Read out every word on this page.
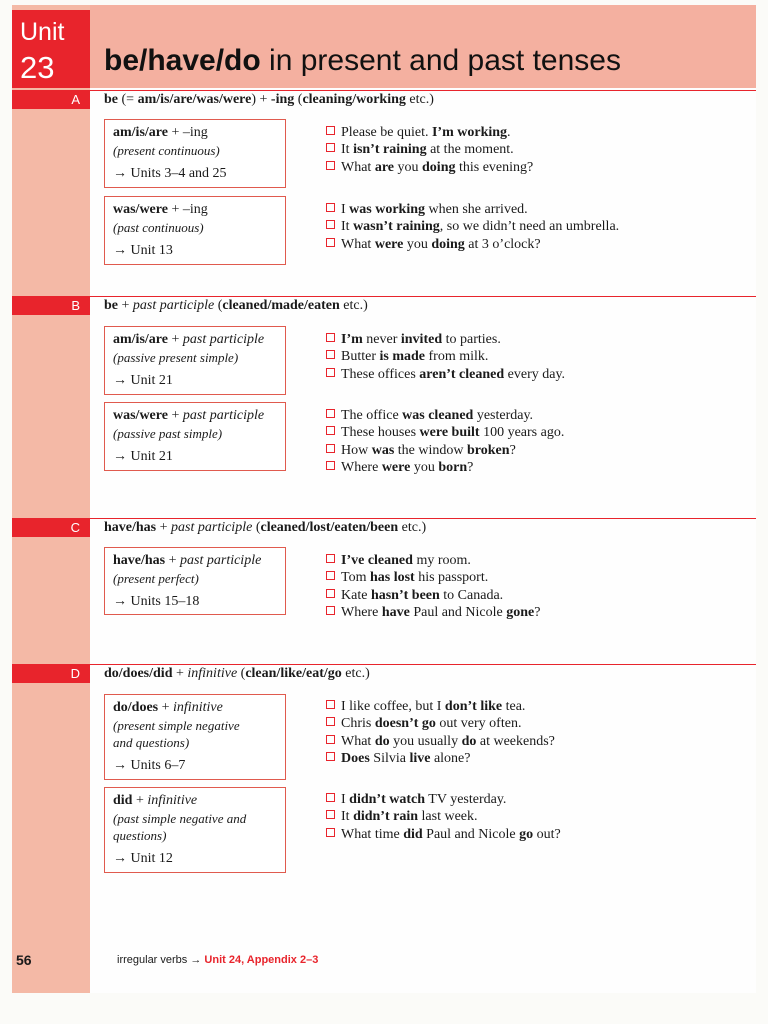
Unit
23 be/have/do in present and past tenses
A	be (= am/is/are/was/were) + -ing (cleaning/working etc.)
am/is/are + –ing
(present continuous)
→ Units 3–4 and 25
Please be quiet. I’m working.
It isn’t raining at the moment.
What are you doing this evening?
was/were + –ing
(past continuous)
→ Unit 13
I was working when she arrived.
It wasn’t raining, so we didn’t need an umbrella.
What were you doing at 3 o’clock?
B	be + past participle (cleaned/made/eaten etc.)
am/is/are + past participle
(passive present simple)
→ Unit 21
I’m never invited to parties.
Butter is made from milk.
These offices aren’t cleaned every day.
was/were + past participle
(passive past simple)
→ Unit 21
The office was cleaned yesterday.
These houses were built 100 years ago.
How was the window broken?
Where were you born?
C	have/has + past participle (cleaned/lost/eaten/been etc.)
have/has + past participle
(present perfect)
→ Units 15–18
I’ve cleaned my room.
Tom has lost his passport.
Kate hasn’t been to Canada.
Where have Paul and Nicole gone?
D	do/does/did + infinitive (clean/like/eat/go etc.)
do/does + infinitive
(present simple negative
and questions)
→ Units 6–7
I like coffee, but I don’t like tea.
Chris doesn’t go out very often.
What do you usually do at weekends?
Does Silvia live alone?
did + infinitive
(past simple negative and
questions)
→ Unit 12
I didn’t watch TV yesterday.
It didn’t rain last week.
What time did Paul and Nicole go out?
56	irregular verbs → Unit 24, Appendix 2–3
